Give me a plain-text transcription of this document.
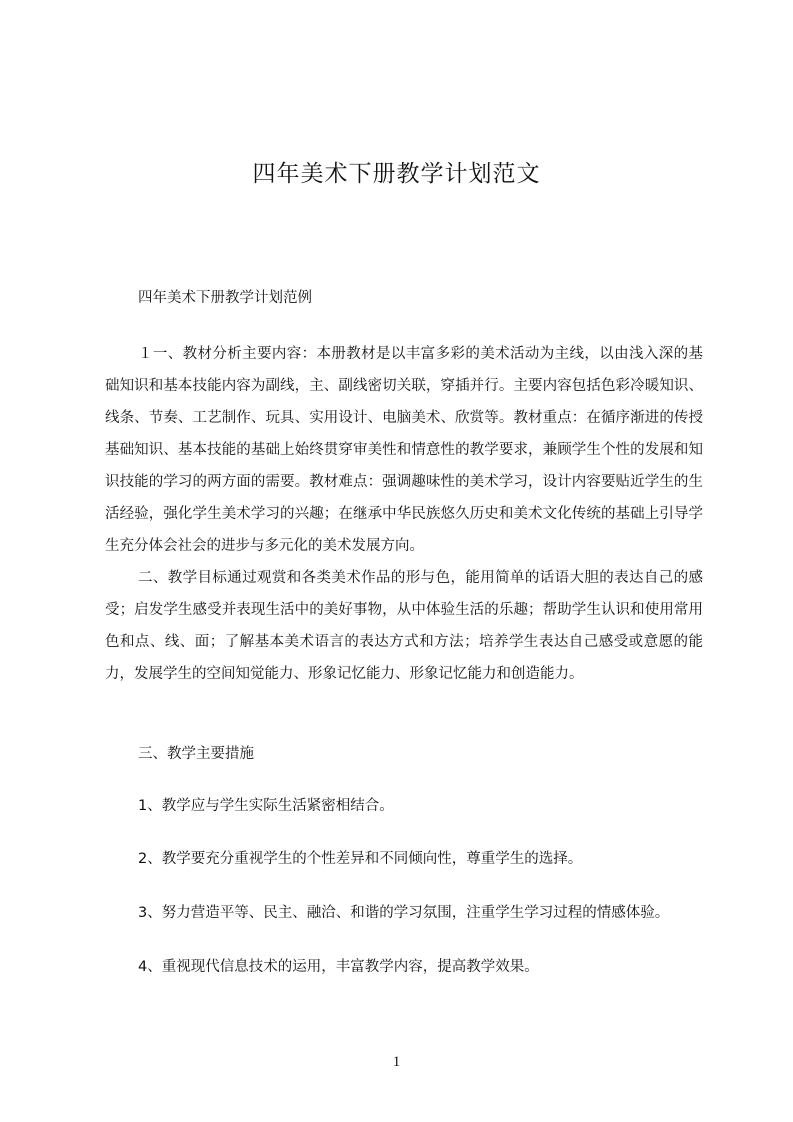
四年美术下册教学计划范文

四年美术下册教学计划范例

１一、教材分析主要内容：本册教材是以丰富多彩的美术活动为主线，以由浅入深的基础知识和基本技能内容为副线，主、副线密切关联，穿插并行。主要内容包括色彩冷暖知识、线条、节奏、工艺制作、玩具、实用设计、电脑美术、欣赏等。教材重点：在循序渐进的传授基础知识、基本技能的基础上始终贯穿审美性和情意性的教学要求，兼顾学生个性的发展和知识技能的学习的两方面的需要。教材难点：强调趣味性的美术学习，设计内容要贴近学生的生活经验，强化学生美术学习的兴趣；在继承中华民族悠久历史和美术文化传统的基础上引导学生充分体会社会的进步与多元化的美术发展方向。

二、教学目标通过观赏和各类美术作品的形与色，能用简单的话语大胆的表达自己的感受；启发学生感受并表现生活中的美好事物，从中体验生活的乐趣；帮助学生认识和使用常用色和点、线、面；了解基本美术语言的表达方式和方法；培养学生表达自己感受或意愿的能力，发展学生的空间知觉能力、形象记忆能力、形象记忆能力和创造能力。

三、教学主要措施

1、教学应与学生实际生活紧密相结合。

2、教学要充分重视学生的个性差异和不同倾向性，尊重学生的选择。

3、努力营造平等、民主、融洽、和谐的学习氛围，注重学生学习过程的情感体验。

4、重视现代信息技术的运用，丰富教学内容，提高教学效果。

1
